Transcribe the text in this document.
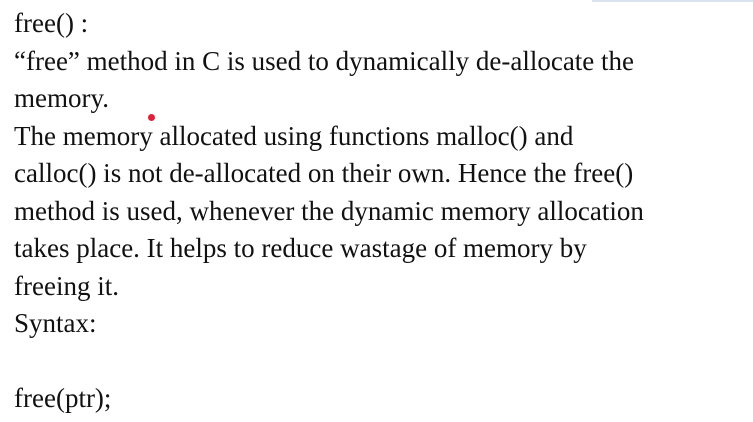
free() :
“free” method in C is used to dynamically de-allocate the
memory.
The memory allocated using functions malloc() and
calloc() is not de-allocated on their own. Hence the free()
method is used, whenever the dynamic memory allocation
takes place. It helps to reduce wastage of memory by
freeing it.
Syntax:
free(ptr);
